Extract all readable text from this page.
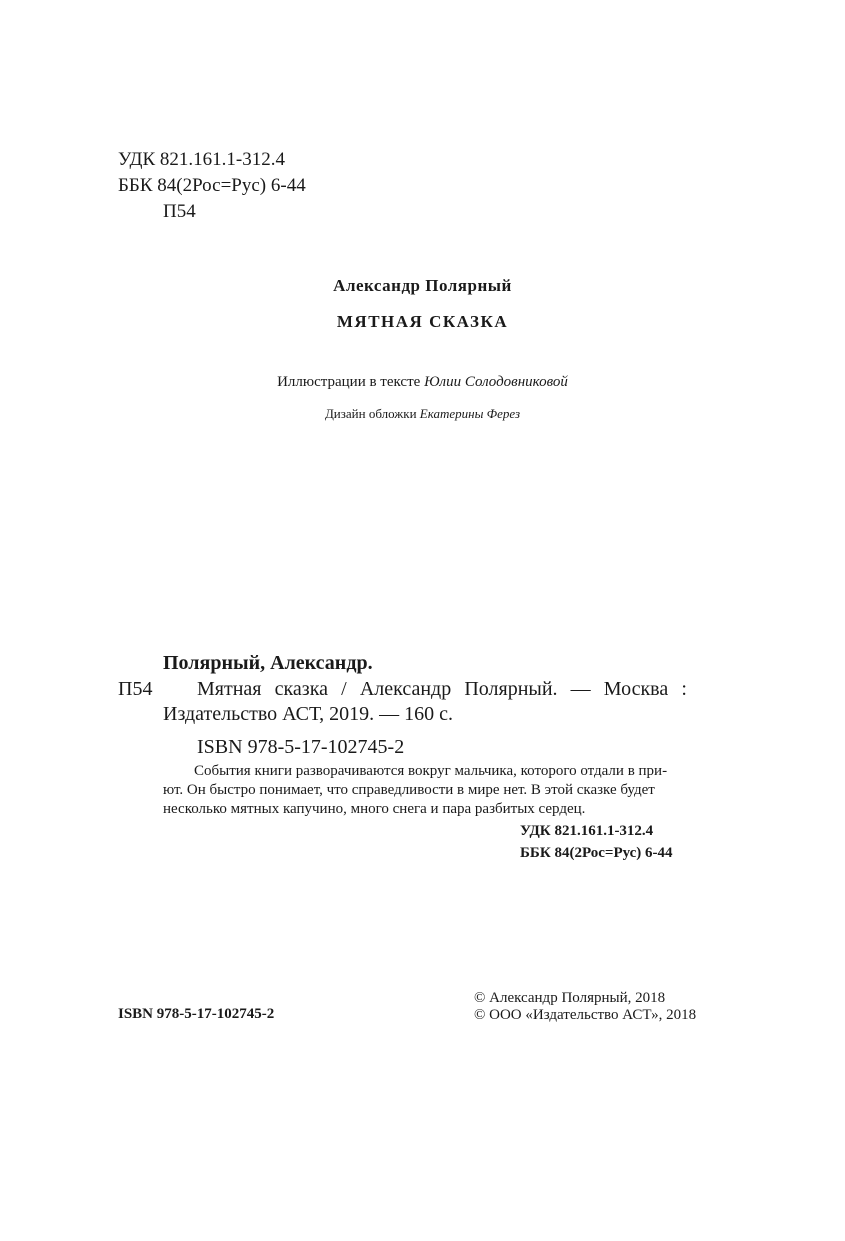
УДК 821.161.1-312.4
ББК 84(2Рос=Рус) 6-44
П54
Александр Полярный
МЯТНАЯ СКАЗКА
Иллюстрации в тексте Юлии Солодовниковой
Дизайн обложки Екатерины Ферез
Полярный, Александр.
П54 Мятная сказка / Александр Полярный. — Москва :
Издательство АСТ, 2019. — 160 с.
ISBN 978-5-17-102745-2

События книги разворачиваются вокруг мальчика, которого отдали в при-

ют. Он быстро понимает, что справедливости в мире нет. В этой сказке будет

несколько мятных капучино, много снега и пара разбитых сердец.

УДК 821.161.1-312.4
ББК 84(2Рос=Рус) 6-44
ISBN 978-5-17-102745-2
© Александр Полярный, 2018
© ООО «Издательство АСТ», 2018
